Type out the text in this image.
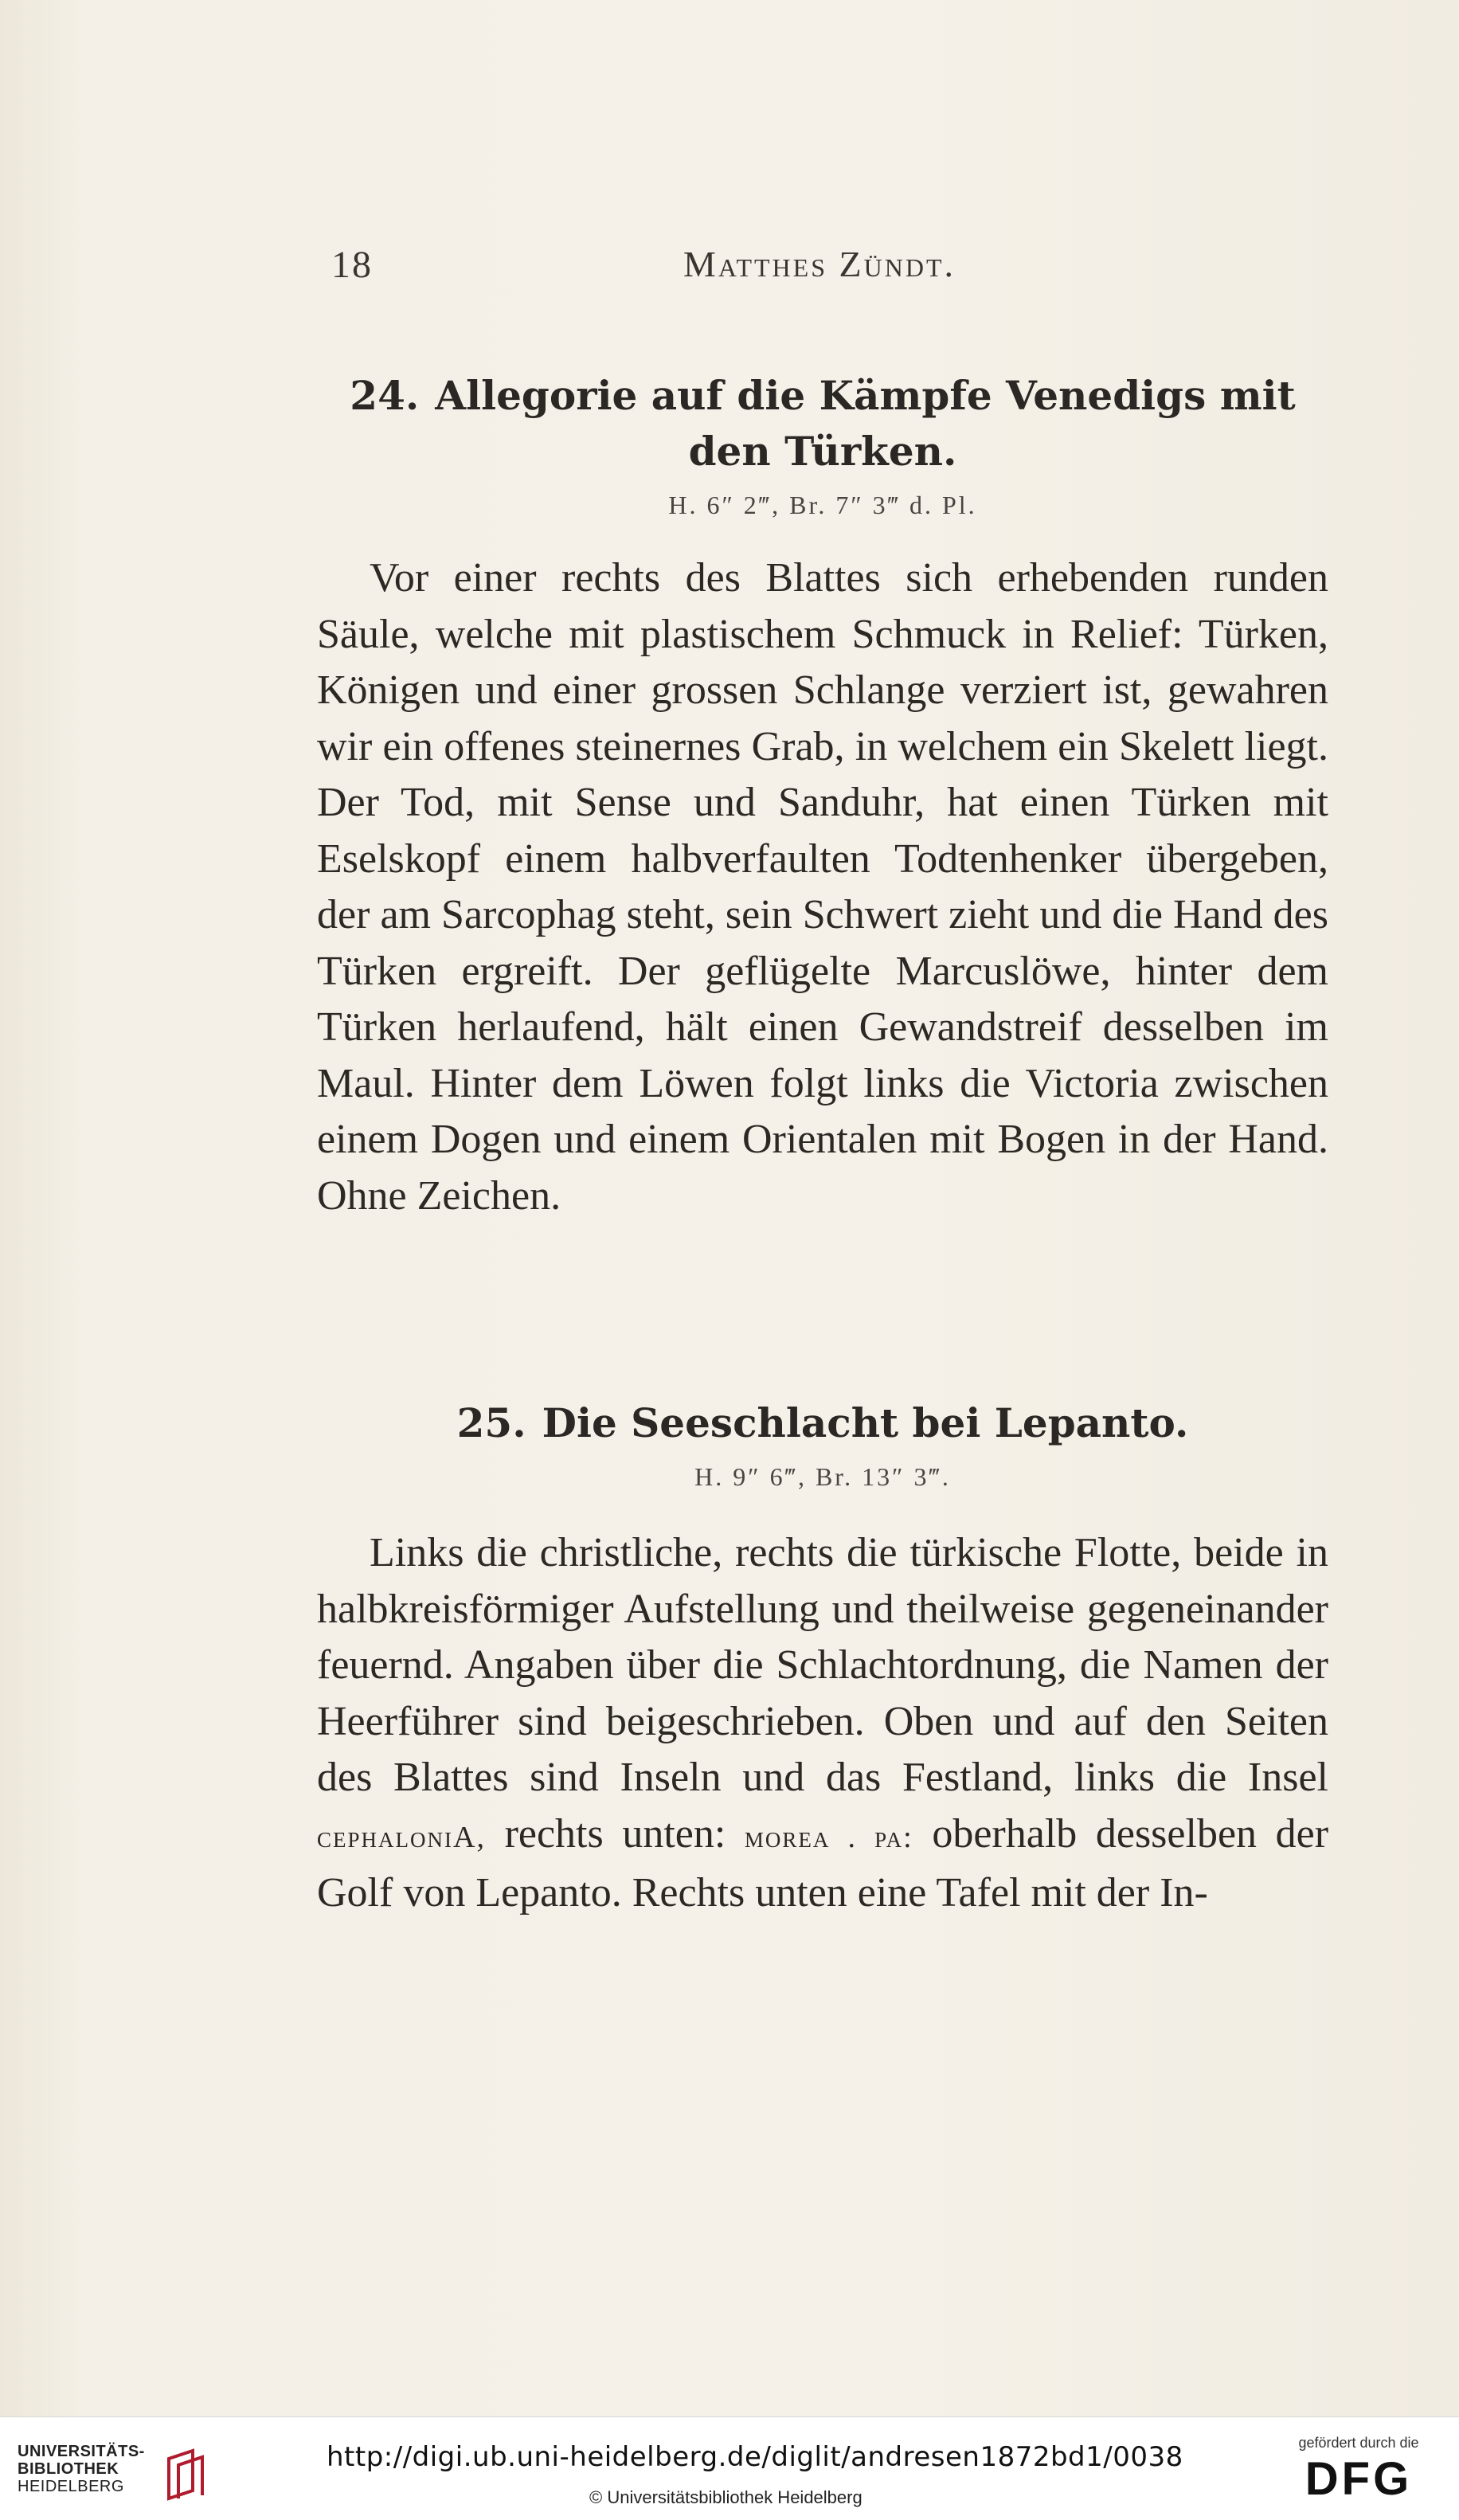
18	Matthes Zündt.
24. Allegorie auf die Kämpfe Venedigs mit
den Türken.

H. 6″ 2‴, Br. 7″ 3‴ d. Pl.

Vor einer rechts des Blattes sich erhebenden runden Säule, welche mit plastischem Schmuck in Relief: Türken, Königen und einer grossen Schlange verziert ist, gewahren wir ein offenes steinernes Grab, in welchem ein Skelett liegt. Der Tod, mit Sense und Sanduhr, hat einen Türken mit Eselskopf einem halbverfaulten Todtenhenker übergeben, der am Sarcophag steht, sein Schwert zieht und die Hand des Türken ergreift. Der geflügelte Marcuslöwe, hinter dem Türken herlaufend, hält einen Gewandstreif desselben im Maul. Hinter dem Löwen folgt links die Victoria zwischen einem Dogen und einem Orientalen mit Bogen in der Hand. Ohne Zeichen.

25. Die Seeschlacht bei Lepanto.

H. 9″ 6‴, Br. 13″ 3‴.

Links die christliche, rechts die türkische Flotte, beide in halbkreisförmiger Aufstellung und theilweise gegeneinander feuernd. Angaben über die Schlachtordnung, die Namen der Heerführer sind beigeschrieben. Oben und auf den Seiten des Blattes sind Inseln und das Festland, links die Insel cephaloniA, rechts unten: morea . pa: oberhalb desselben der Golf von Lepanto. Rechts unten eine Tafel mit der In-

UNIVERSITÄTS-
BIBLIOTHEK
HEIDELBERG
http://digi.ub.uni-heidelberg.de/diglit/andresen1872bd1/0038
© Universitätsbibliothek Heidelberg
gefördert durch die
DFG
